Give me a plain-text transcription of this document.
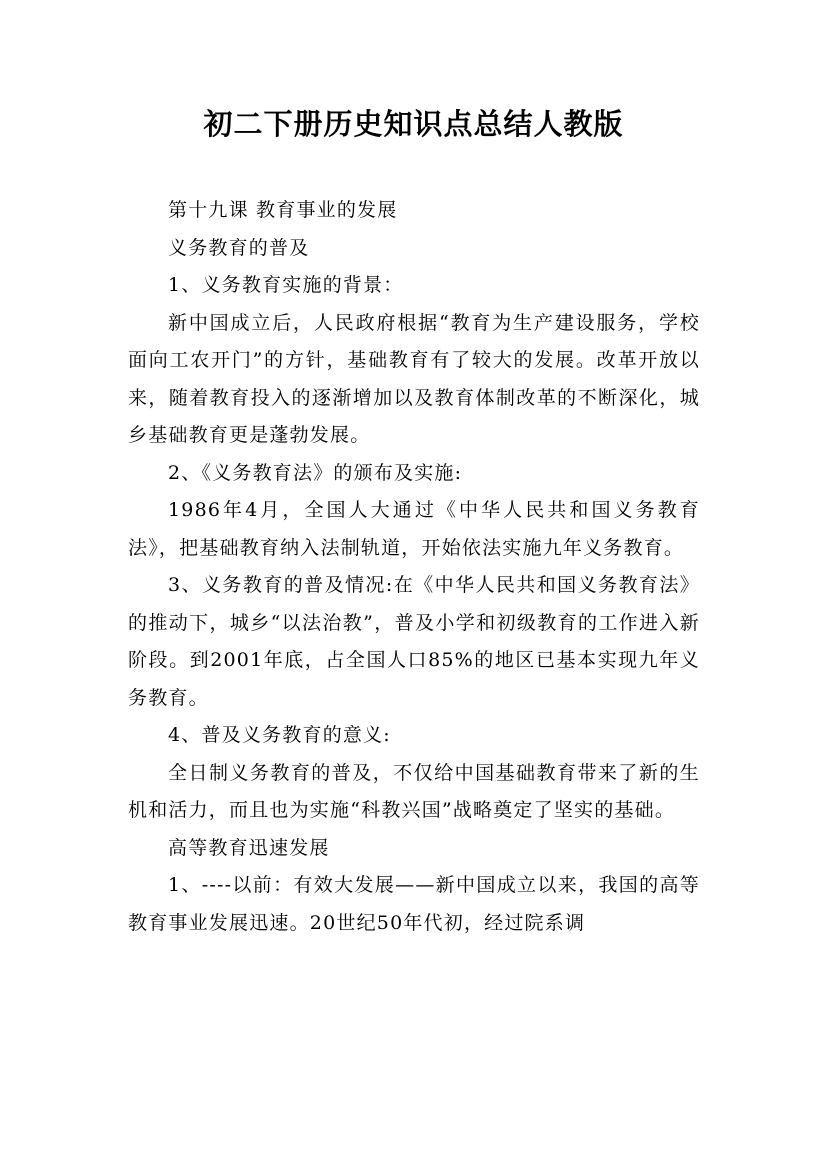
初二下册历史知识点总结人教版

第十九课 教育事业的发展

义务教育的普及

1、义务教育实施的背景：

新中国成立后，人民政府根据“教育为生产建设服务，学校面向工农开门”的方针，基础教育有了较大的发展。改革开放以来，随着教育投入的逐渐增加以及教育体制改革的不断深化，城乡基础教育更是蓬勃发展。

2、《义务教育法》的颁布及实施:

1986年4月，全国人大通过《中华人民共和国义务教育法》，把基础教育纳入法制轨道，开始依法实施九年义务教育。

3、义务教育的普及情况:在《中华人民共和国义务教育法》的推动下，城乡“以法治教”，普及小学和初级教育的工作进入新阶段。到2001年底，占全国人口85%的地区已基本实现九年义务教育。

4、普及义务教育的意义:

全日制义务教育的普及，不仅给中国基础教育带来了新的生机和活力，而且也为实施“科教兴国”战略奠定了坚实的基础。

高等教育迅速发展

1、----以前：有效大发展——新中国成立以来，我国的高等教育事业发展迅速。20世纪50年代初，经过院系调
